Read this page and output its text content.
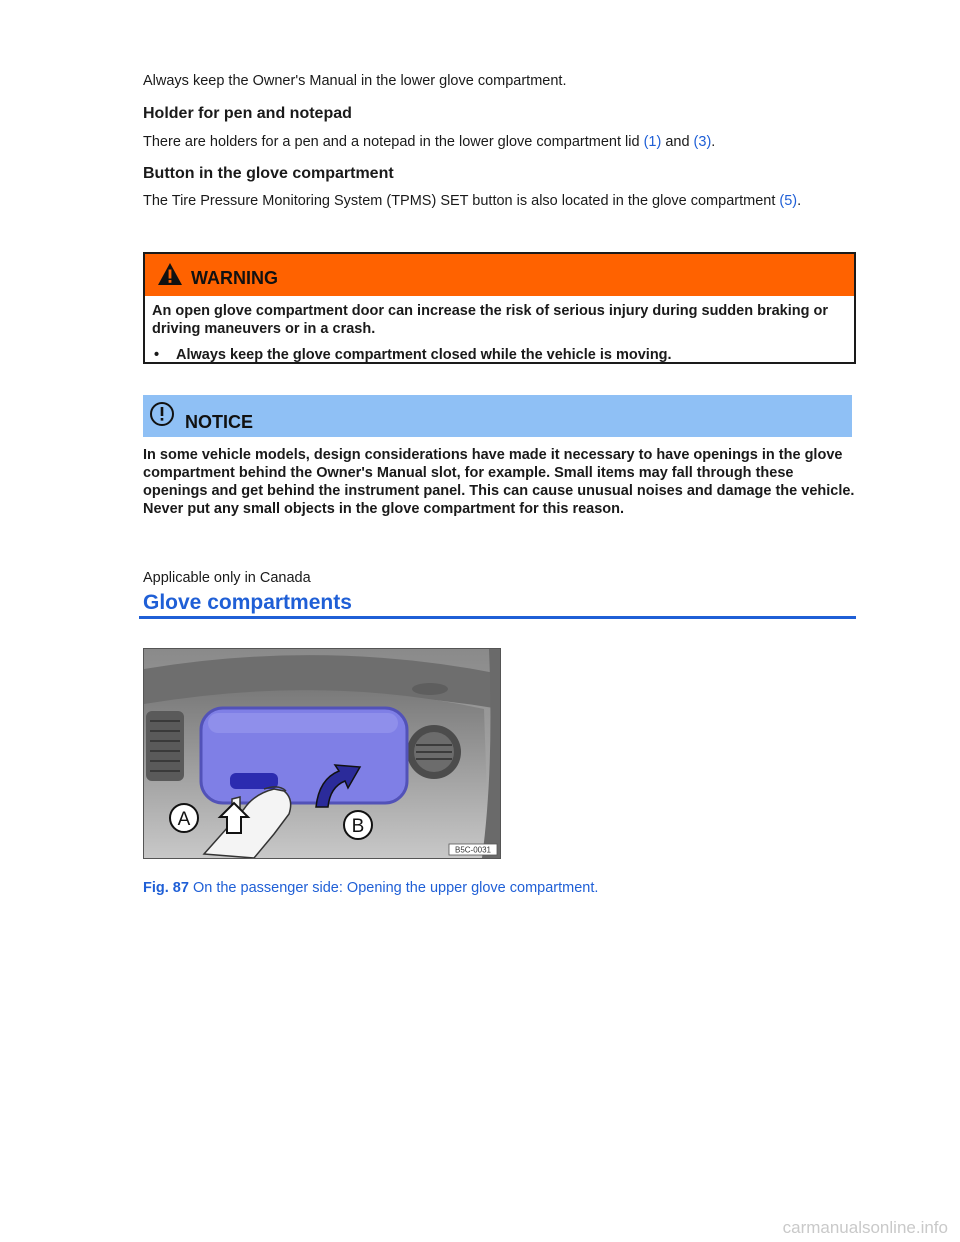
Always keep the Owner's Manual in the lower glove compartment.

Holder for pen and notepad

There are holders for a pen and a notepad in the lower glove compartment lid (1) and (3).

Button in the glove compartment

The Tire Pressure Monitoring System (TPMS) SET button is also located in the glove compartment (5).

WARNING
An open glove compartment door can increase the risk of serious injury during sudden braking or driving maneuvers or in a crash.
•	Always keep the glove compartment closed while the vehicle is moving.
NOTICE
In some vehicle models, design considerations have made it necessary to have openings in the glove compartment behind the Owner's Manual slot, for example. Small items may fall through these openings and get behind the instrument panel. This can cause unusual noises and damage the vehicle. Never put any small objects in the glove compartment for this reason.

Applicable only in Canada

Glove compartments
A	B
B5C-0031

Fig. 87 On the passenger side: Opening the upper glove compartment.

carmanualsonline.info
